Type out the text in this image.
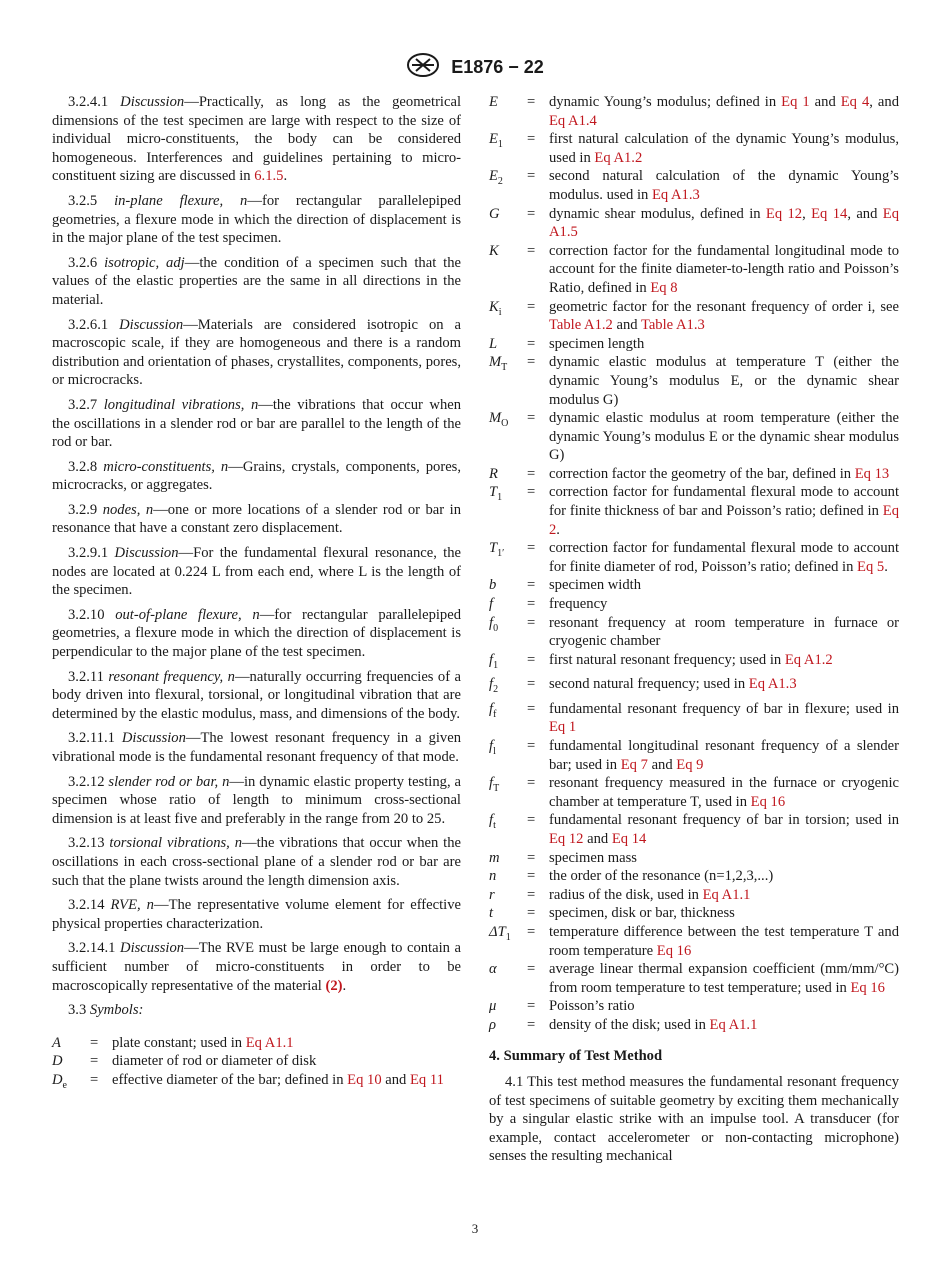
E1876 − 22

3.2.4.1 Discussion—Practically, as long as the geometrical dimensions of the test specimen are large with respect to the size of individual micro-constituents, the body can be considered homogeneous. Interferences and guidelines pertaining to micro-constituent sizing are discussed in 6.1.5.

3.2.5 in-plane flexure, n—for rectangular parallelepiped geometries, a flexure mode in which the direction of displacement is in the major plane of the test specimen.

3.2.6 isotropic, adj—the condition of a specimen such that the values of the elastic properties are the same in all directions in the material.

3.2.6.1 Discussion—Materials are considered isotropic on a macroscopic scale, if they are homogeneous and there is a random distribution and orientation of phases, crystallites, components, pores, or microcracks.

3.2.7 longitudinal vibrations, n—the vibrations that occur when the oscillations in a slender rod or bar are parallel to the length of the rod or bar.

3.2.8 micro-constituents, n—Grains, crystals, components, pores, microcracks, or aggregates.

3.2.9 nodes, n—one or more locations of a slender rod or bar in resonance that have a constant zero displacement.

3.2.9.1 Discussion—For the fundamental flexural resonance, the nodes are located at 0.224 L from each end, where L is the length of the specimen.

3.2.10 out-of-plane flexure, n—for rectangular parallelepiped geometries, a flexure mode in which the direction of displacement is perpendicular to the major plane of the test specimen.

3.2.11 resonant frequency, n—naturally occurring frequencies of a body driven into flexural, torsional, or longitudinal vibration that are determined by the elastic modulus, mass, and dimensions of the body.

3.2.11.1 Discussion—The lowest resonant frequency in a given vibrational mode is the fundamental resonant frequency of that mode.

3.2.12 slender rod or bar, n—in dynamic elastic property testing, a specimen whose ratio of length to minimum cross-sectional dimension is at least five and preferably in the range from 20 to 25.

3.2.13 torsional vibrations, n—the vibrations that occur when the oscillations in each cross-sectional plane of a slender rod or bar are such that the plane twists around the length dimension axis.

3.2.14 RVE, n—The representative volume element for effective physical properties characterization.

3.2.14.1 Discussion—The RVE must be large enough to contain a sufficient number of micro-constituents in order to be macroscopically representative of the material (2).

3.3 Symbols:

A	= plate constant; used in Eq A1.1
D	= diameter of rod or diameter of disk
$D_e$	= effective diameter of the bar; defined in Eq 10 and Eq 11
E	= dynamic Young’s modulus; defined in Eq 1 and Eq 4, and Eq A1.4
$E_1$	= first natural calculation of the dynamic Young’s modulus, used in Eq A1.2
$E_2$	= second natural calculation of the dynamic Young’s modulus. used in Eq A1.3
G	= dynamic shear modulus, defined in Eq 12, Eq 14, and Eq A1.5
K	= correction factor for the fundamental longitudinal mode to account for the finite diameter-to-length ratio and Poisson’s Ratio, defined in Eq 8
$K_i$	= geometric factor for the resonant frequency of order i, see Table A1.2 and Table A1.3
L	= specimen length
$M_T$	= dynamic elastic modulus at temperature T (either the dynamic Young’s modulus E, or the dynamic shear modulus G)
$M_O$	= dynamic elastic modulus at room temperature (either the dynamic Young’s modulus E or the dynamic shear modulus G)
R	= correction factor the geometry of the bar, defined in Eq 13
$T_1$	= correction factor for fundamental flexural mode to account for finite thickness of bar and Poisson’s ratio; defined in Eq 2.
$T_{1'}$	= correction factor for fundamental flexural mode to account for finite diameter of rod, Poisson’s ratio; defined in Eq 5.
b	= specimen width
f	= frequency
$f_0$	= resonant frequency at room temperature in furnace or cryogenic chamber
$f_1$	= first natural resonant frequency; used in Eq A1.2
$f_2$	= second natural frequency; used in Eq A1.3
$f_f$	= fundamental resonant frequency of bar in flexure; used in Eq 1
$f_l$	= fundamental longitudinal resonant frequency of a slender bar; used in Eq 7 and Eq 9
$f_T$	= resonant frequency measured in the furnace or cryogenic chamber at temperature T, used in Eq 16
$f_t$	= fundamental resonant frequency of bar in torsion; used in Eq 12 and Eq 14
m	= specimen mass
n	= the order of the resonance (n=1,2,3,...)
r	= radius of the disk, used in Eq A1.1
t	= specimen, disk or bar, thickness
$\Delta T_1$	= temperature difference between the test temperature T and room temperature Eq 16
α	= average linear thermal expansion coefficient (mm/mm/°C) from room temperature to test temperature; used in Eq 16
μ	= Poisson’s ratio
ρ	= density of the disk; used in Eq A1.1
4. Summary of Test Method

4.1 This test method measures the fundamental resonant frequency of test specimens of suitable geometry by exciting them mechanically by a singular elastic strike with an impulse tool. A transducer (for example, contact accelerometer or non-contacting microphone) senses the resulting mechanical

3
